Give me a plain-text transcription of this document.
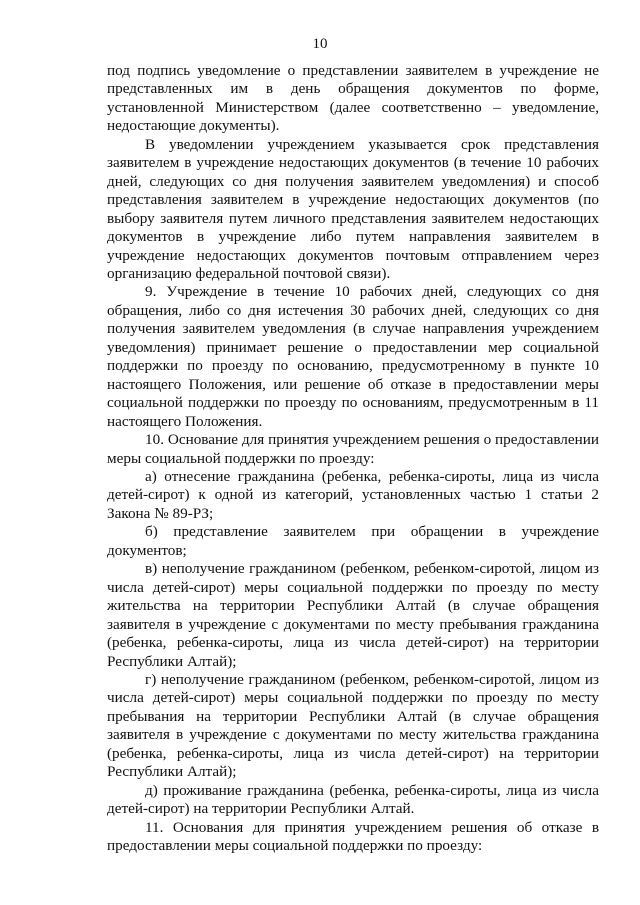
10

под подпись уведомление о представлении заявителем в учреждение не представленных им в день обращения документов по форме, установленной Министерством (далее соответственно – уведомление, недостающие документы).

В уведомлении учреждением указывается срок представления заявителем в учреждение недостающих документов (в течение 10 рабочих дней, следующих со дня получения заявителем уведомления) и способ представления заявителем в учреждение недостающих документов (по выбору заявителя путем личного представления заявителем недостающих документов в учреждение либо путем направления заявителем в учреждение недостающих документов почтовым отправлением через организацию федеральной почтовой связи).

9. Учреждение в течение 10 рабочих дней, следующих со дня обращения, либо со дня истечения 30 рабочих дней, следующих со дня получения заявителем уведомления (в случае направления учреждением уведомления) принимает решение о предоставлении мер социальной поддержки по проезду по основанию, предусмотренному в пункте 10 настоящего Положения, или решение об отказе в предоставлении меры социальной поддержки по проезду по основаниям, предусмотренным в 11 настоящего Положения.

10. Основание для принятия учреждением решения о предоставлении меры социальной поддержки по проезду:

а) отнесение гражданина (ребенка, ребенка-сироты, лица из числа детей-сирот) к одной из категорий, установленных частью 1 статьи 2 Закона № 89-РЗ;

б) представление заявителем при обращении в учреждение документов;

в) неполучение гражданином (ребенком, ребенком-сиротой, лицом из числа детей-сирот) меры социальной поддержки по проезду по месту жительства на территории Республики Алтай (в случае обращения заявителя в учреждение с документами по месту пребывания гражданина (ребенка, ребенка-сироты, лица из числа детей-сирот) на территории Республики Алтай);

г) неполучение гражданином (ребенком, ребенком-сиротой, лицом из числа детей-сирот) меры социальной поддержки по проезду по месту пребывания на территории Республики Алтай (в случае обращения заявителя в учреждение с документами по месту жительства гражданина (ребенка, ребенка-сироты, лица из числа детей-сирот) на территории Республики Алтай);

д) проживание гражданина (ребенка, ребенка-сироты, лица из числа детей-сирот) на территории Республики Алтай.

11. Основания для принятия учреждением решения об отказе в предоставлении меры социальной поддержки по проезду:
